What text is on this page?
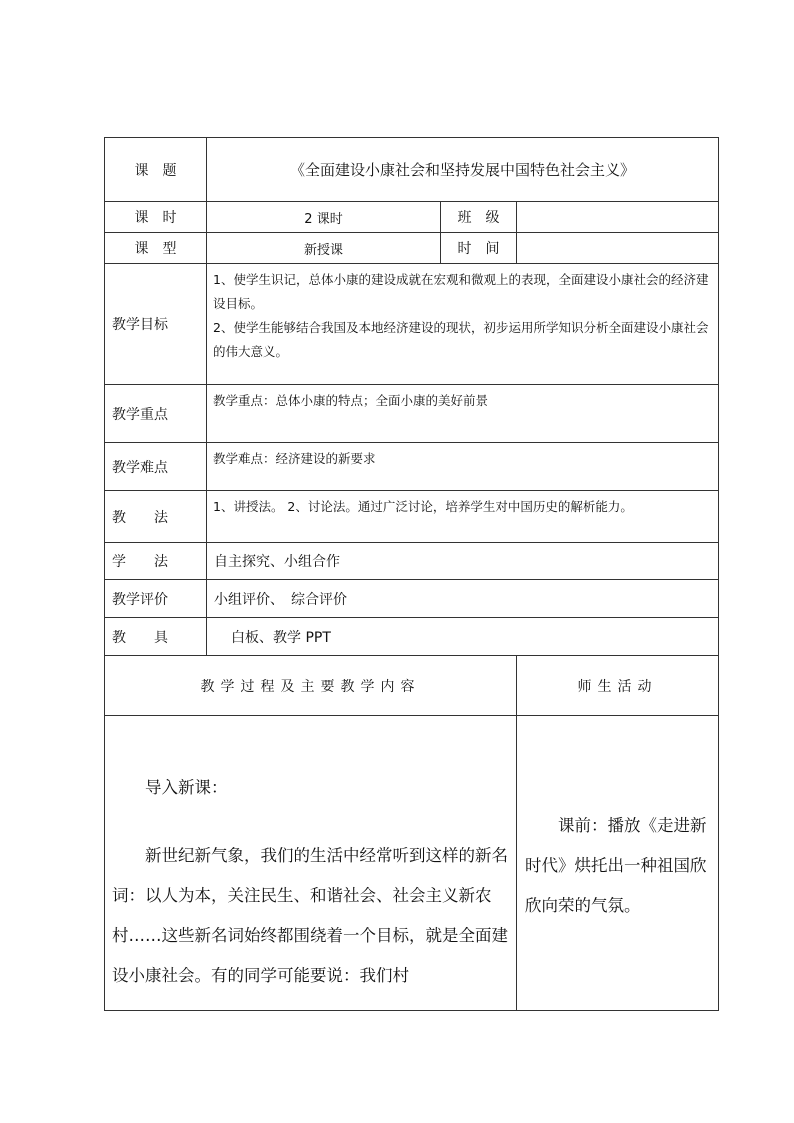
课　题	《全面建设小康社会和坚持发展中国特色社会主义》		
课　时	2 课时	班　级	
课　型	新授课	时　间	
教学目标	1、使学生识记，总体小康的建设成就在宏观和微观上的表现，全面建设小康社会的经济建设目标。

2、使学生能够结合我国及本地经济建设的现状，初步运用所学知识分析全面建设小康社会的伟大意义。		

教学重点	教学重点：总体小康的特点；全面小康的美好前景		
教学难点	教学难点：经济建设的新要求		
教　　法	1、讲授法。 2、讨论法。通过广泛讨论，培养学生对中国历史的解析能力。		
学　　法	自主探究、小组合作		
教学评价	小组评价、　综合评价		
教　　具	白板、教学 PPT		
教学过程及主要教学内容			师生活动

导入新课：

新世纪新气象，我们的生活中经常听到这样的新名词：以人为本，关注民生、和谐社会、社会主义新农村……这些新名词始终都围绕着一个目标，就是全面建设小康社会。有的同学可能要说：我们村			课前：播放《走进新时代》烘托出一种祖国欣欣向荣的气氛。
